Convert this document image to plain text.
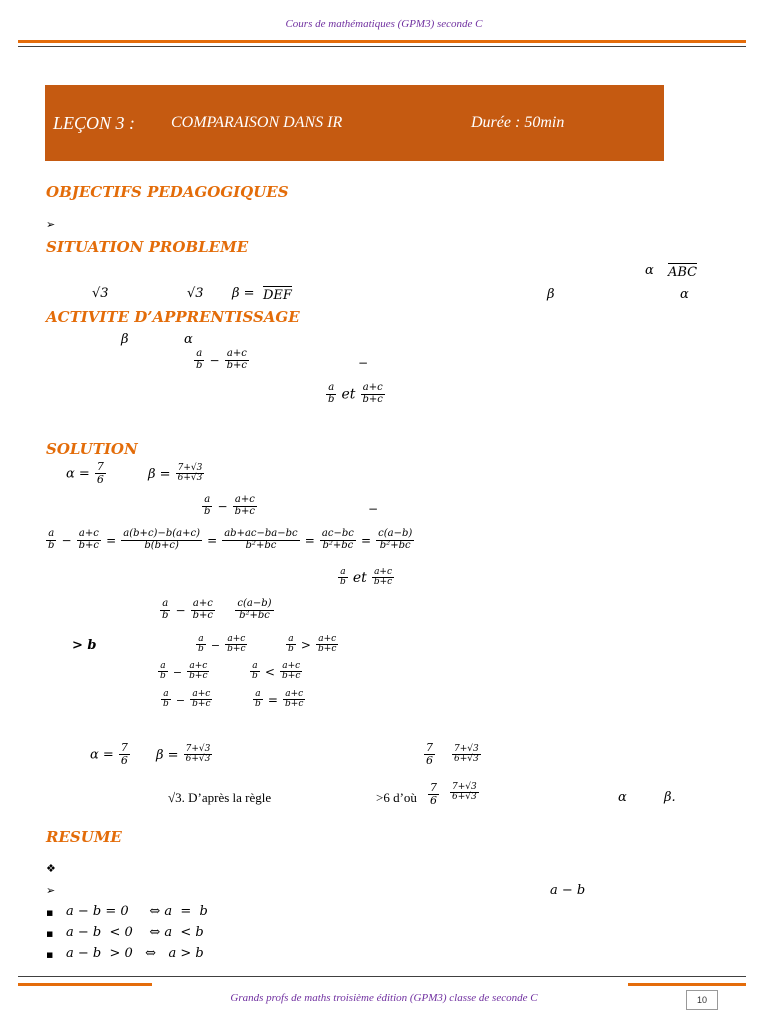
Cours de mathématiques (GPM3) seconde C
LEÇON 3 : COMPARAISON DANS IR	Durée : 50min
OBJECTIFS PEDAGOGIQUES
➢
SITUATION PROBLEME
α ABC
√3	√3 β = DEF	β	α
ACTIVITE D’APPRENTISSAGE
β	α
$\frac{a}{b} - \frac{a+c}{b+c}$	−
$\frac{a}{b}$ et $\frac{a+c}{b+c}$
SOLUTION
$\alpha = \frac{7}{6}$	$\beta = \frac{7+√3}{6+√3}$
$\frac{a}{b} - \frac{a+c}{b+c}$	−
$\frac{a}{b} - \frac{a+c}{b+c} = \frac{a(b+c)-b(a+c)}{b(b+c)} = \frac{ab+ac-ba-bc}{\text{b²+bc}} = \frac{ac-bc}{\text{b²+bc}} = \frac{c(a-b)}{\text{b²+bc}}$
$\frac{a}{b}$ et $\frac{a+c}{b+c}$
$\frac{a}{b} - \frac{a+c}{b+c}$
$\frac{c(a-b)}{\text{b²+bc}}$
> b	$\frac{a}{b} - \frac{a+c}{b+c}$	$\frac{a}{b} > \frac{a+c}{b+c}$
$\frac{a}{b} - \frac{a+c}{b+c}$	$\frac{a}{b} < \frac{a+c}{b+c}$
$\frac{a}{b} - \frac{a+c}{b+c}$	$\frac{a}{b} = \frac{a+c}{b+c}$
$\alpha = \frac{7}{6}$ $\beta = \frac{7+√3}{6+√3}$	$\frac{7}{6} \frac{7+√3}{6+√3}$
√3. D’après la règle	>6 d’où $\frac{7}{6} \frac{7+√3}{6+√3}$	α	β.
RESUME
❖
➢	a − b
▪ a − b = 0     ⇔ a  =  b
▪ a − b  < 0    ⇔ a  < b
▪ a − b  > 0   ⇔   a > b
Grands profs de maths troisième édition (GPM3) classe de seconde C	10
